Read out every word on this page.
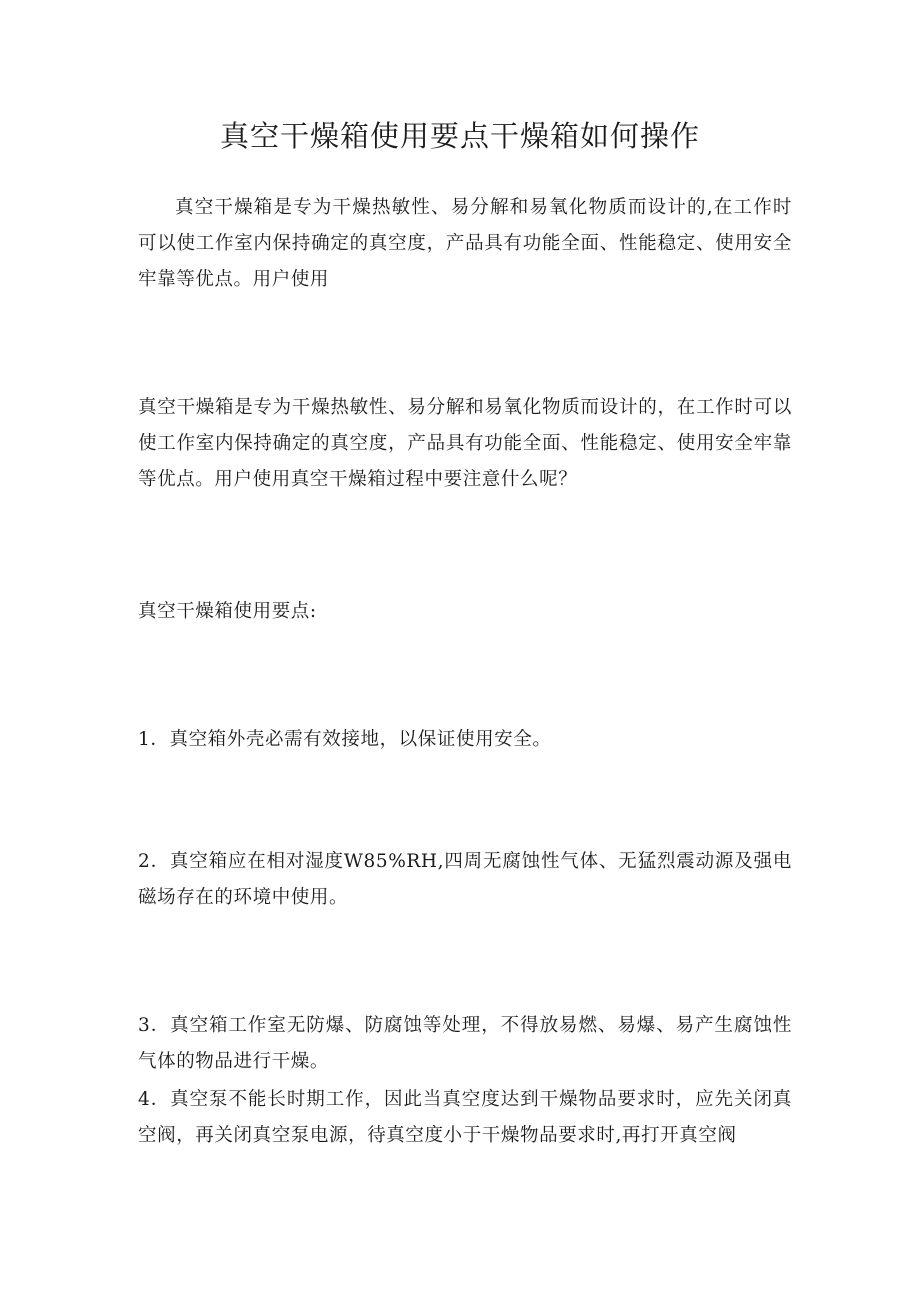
真空干燥箱使用要点干燥箱如何操作

真空干燥箱是专为干燥热敏性、易分解和易氧化物质而设计的,在工作时可以使工作室内保持确定的真空度，产品具有功能全面、性能稳定、使用安全牢靠等优点。用户使用

真空干燥箱是专为干燥热敏性、易分解和易氧化物质而设计的，在工作时可以使工作室内保持确定的真空度，产品具有功能全面、性能稳定、使用安全牢靠等优点。用户使用真空干燥箱过程中要注意什么呢？

真空干燥箱使用要点:

1．真空箱外壳必需有效接地，以保证使用安全。

2．真空箱应在相对湿度W85%RH,四周无腐蚀性气体、无猛烈震动源及强电磁场存在的环境中使用。

3．真空箱工作室无防爆、防腐蚀等处理，不得放易燃、易爆、易产生腐蚀性气体的物品进行干燥。

4．真空泵不能长时期工作，因此当真空度达到干燥物品要求时，应先关闭真空阀，再关闭真空泵电源，待真空度小于干燥物品要求时,再打开真空阀
